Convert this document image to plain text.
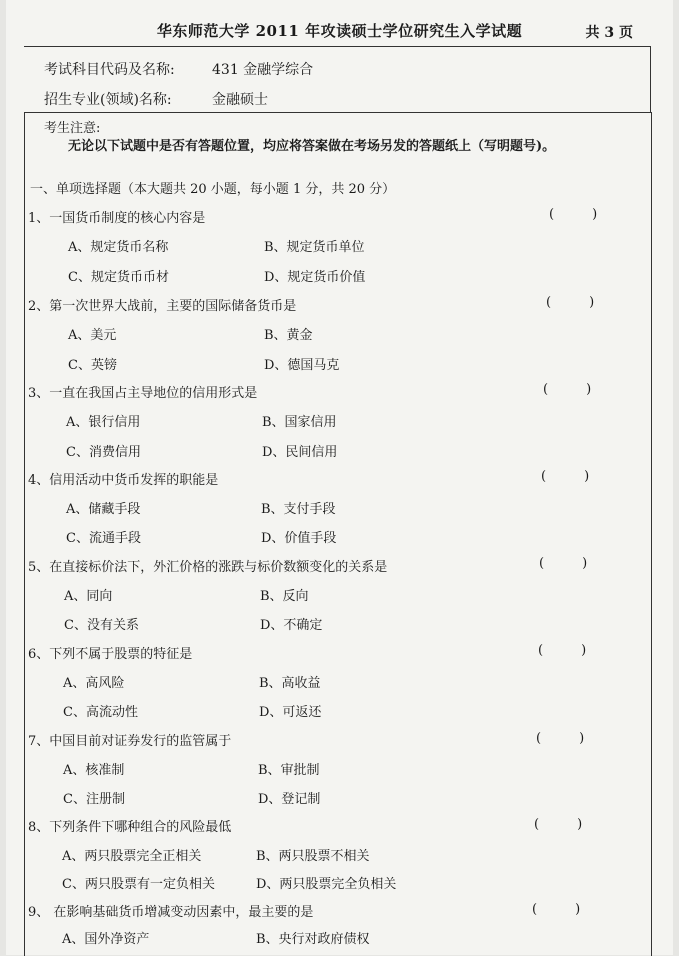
华东师范大学 2011 年攻读硕士学位研究生入学试题	共 3 页
考试科目代码及名称:	431 金融学综合
招生专业(领域)名称:	金融硕士
考生注意:
无论以下试题中是否有答题位置，均应将答案做在考场另发的答题纸上（写明题号)。
一、单项选择题（本大题共 20 小题，每小题 1 分，共 20 分）
1、一国货币制度的核心内容是	()
A、规定货币名称	B、规定货币单位
C、规定货币币材	D、规定货币价值
2、第一次世界大战前，主要的国际储备货币是	()
A、美元	B、黄金
C、英镑	D、德国马克
3、一直在我国占主导地位的信用形式是	()
A、银行信用	B、国家信用
C、消费信用	D、民间信用
4、信用活动中货币发挥的职能是	()
A、储藏手段	B、支付手段
C、流通手段	D、价值手段
5、在直接标价法下，外汇价格的涨跌与标价数额变化的关系是	()
A、同向	B、反向
C、没有关系	D、不确定
6、下列不属于股票的特征是	()
A、高风险	B、高收益
C、高流动性	D、可返还
7、中国目前对证券发行的监管属于	()
A、核准制	B、审批制
C、注册制	D、登记制
8、下列条件下哪种组合的风险最低	()
A、两只股票完全正相关	B、两只股票不相关
C、两只股票有一定负相关	D、两只股票完全负相关
9、 在影响基础货币增减变动因素中，最主要的是	()
A、国外净资产	B、央行对政府债权
